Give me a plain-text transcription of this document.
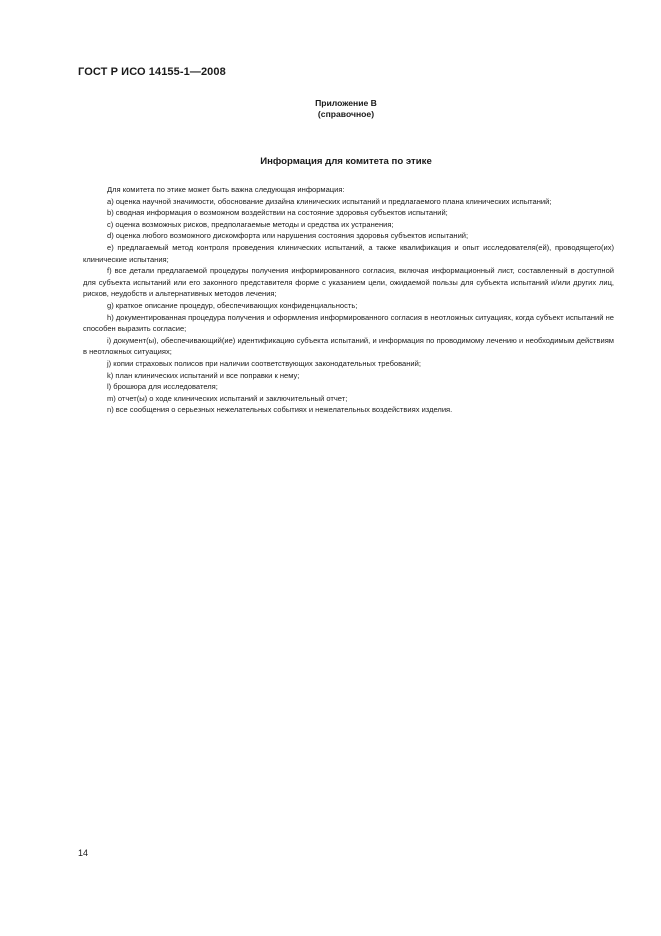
ГОСТ Р ИСО 14155-1—2008
Приложение В
(справочное)
Информация для комитета по этике

Для комитета по этике может быть важна следующая информация:

a) оценка научной значимости, обоснование дизайна клинических испытаний и предлагаемого плана клинических испытаний;

b) сводная информация о возможном воздействии на состояние здоровья субъектов испытаний;

c) оценка возможных рисков, предполагаемые методы и средства их устранения;

d) оценка любого возможного дискомфорта или нарушения состояния здоровья субъектов испытаний;

e) предлагаемый метод контроля проведения клинических испытаний, а также квалификация и опыт исследователя(ей), проводящего(их) клинические испытания;

f) все детали предлагаемой процедуры получения информированного согласия, включая информационный лист, составленный в доступной для субъекта испытаний или его законного представителя форме с указанием цели, ожидаемой пользы для субъекта испытаний и/или других лиц, рисков, неудобств и альтернативных методов лечения;

g) краткое описание процедур, обеспечивающих конфиденциальность;

h) документированная процедура получения и оформления информированного согласия в неотложных ситуациях, когда субъект испытаний не способен выразить согласие;

i) документ(ы), обеспечивающий(ие) идентификацию субъекта испытаний, и информация по проводимому лечению и необходимым действиям в неотложных ситуациях;

j) копии страховых полисов при наличии соответствующих законодательных требований;

k) план клинических испытаний и все поправки к нему;

l) брошюра для исследователя;

m) отчет(ы) о ходе клинических испытаний и заключительный отчет;

n) все сообщения о серьезных нежелательных событиях и нежелательных воздействиях изделия.

14
